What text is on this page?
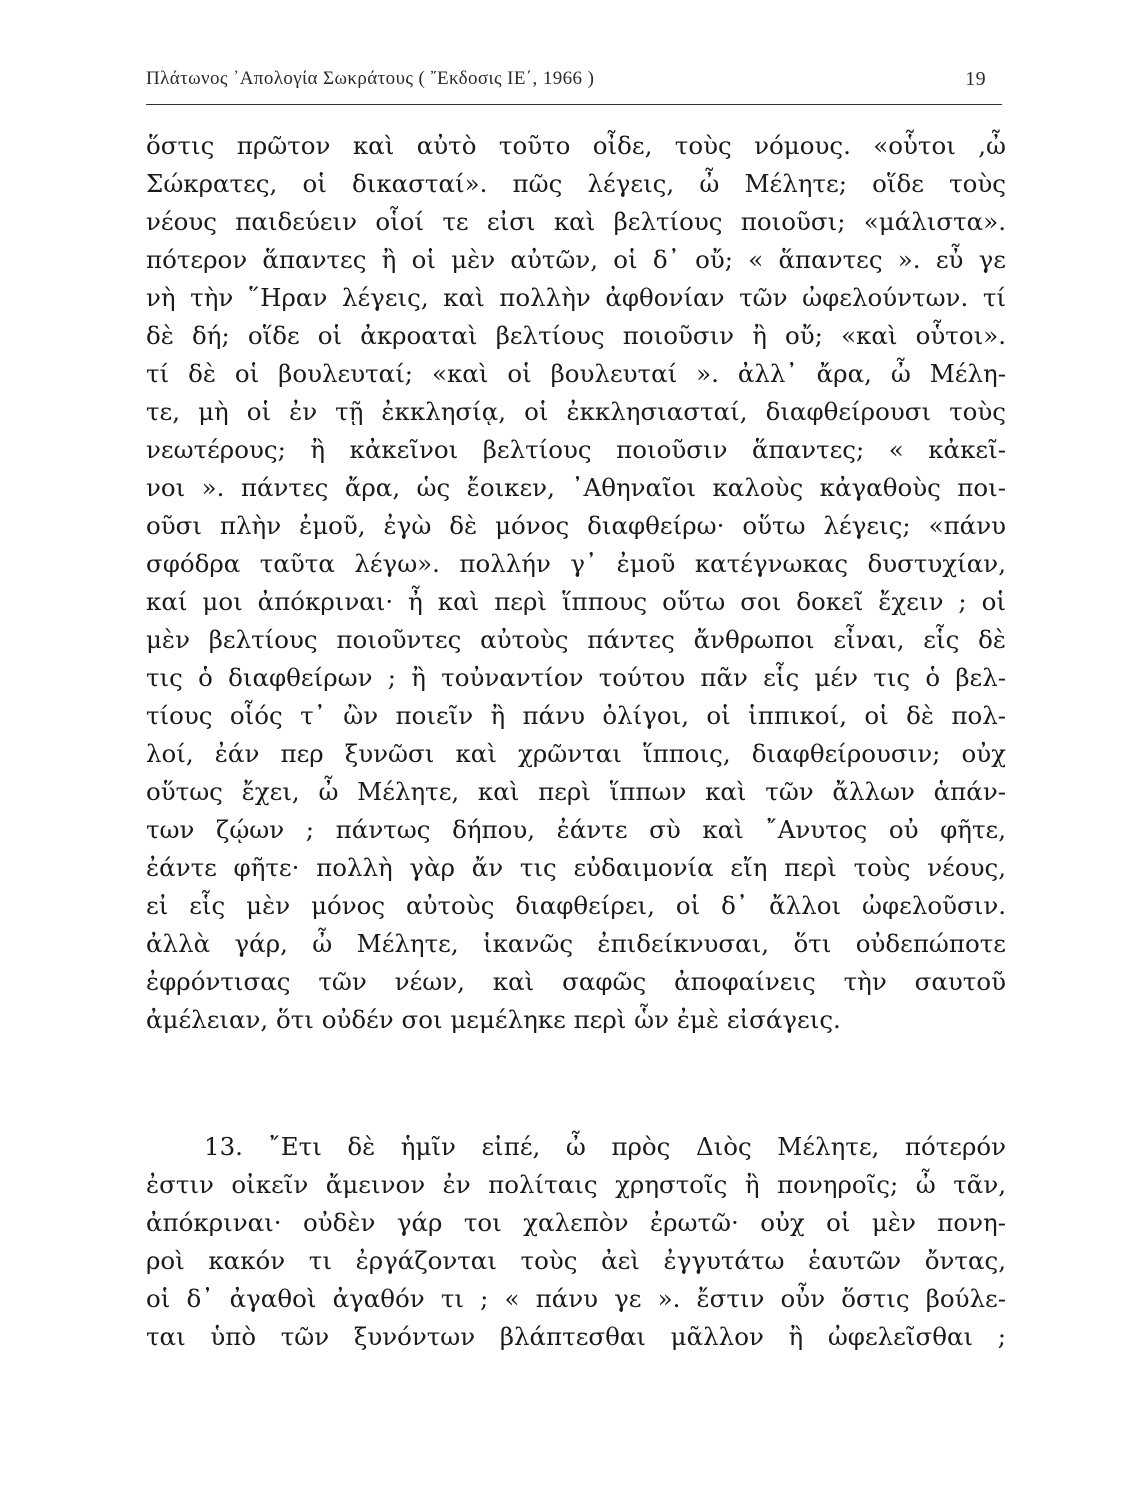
Πλάτωνος ᾿Απολογία Σωκράτους ( ῎Εκδοσις ΙΕ΄, 1966 )	19
ὅστις πρῶτον καὶ αὐτὸ τοῦτο οἶδε, τοὺς νόμους. «οὗτοι ,ὦ
Σώκρατες, οἱ δικασταί». πῶς λέγεις, ὦ Μέλητε; οἵδε τοὺς
νέους παιδεύειν οἷοί τε εἰσι καὶ βελτίους ποιοῦσι; «μάλιστα».
πότερον ἅπαντες ἢ οἱ μὲν αὐτῶν, οἱ δ᾿ οὔ; « ἅπαντες ». εὖ γε
νὴ τὴν ῞Ηραν λέγεις, καὶ πολλὴν ἀφθονίαν τῶν ὠφελούντων. τί
δὲ δή; οἵδε οἱ ἀκροαταὶ βελτίους ποιοῦσιν ἢ οὔ; «καὶ οὗτοι».
τί δὲ οἱ βουλευταί; «καὶ οἱ βουλευταί ». ἀλλ᾿ ἄρα, ὦ Μέλη-
τε, μὴ οἱ ἐν τῇ ἐκκλησίᾳ, οἱ ἐκκλησιασταί, διαφθείρουσι τοὺς
νεωτέρους; ἢ κἀκεῖνοι βελτίους ποιοῦσιν ἅπαντες; « κἀκεῖ-
νοι ». πάντες ἄρα, ὡς ἔοικεν, ᾿Αθηναῖοι καλοὺς κἀγαθοὺς ποι-
οῦσι πλὴν ἐμοῦ, ἐγὼ δὲ μόνος διαφθείρω· οὕτω λέγεις; «πάνυ
σφόδρα ταῦτα λέγω». πολλήν γ᾿ ἐμοῦ κατέγνωκας δυστυχίαν,
καί μοι ἀπόκριναι· ἦ καὶ περὶ ἵππους οὕτω σοι δοκεῖ ἔχειν ; οἱ
μὲν βελτίους ποιοῦντες αὐτοὺς πάντες ἄνθρωποι εἶναι, εἷς δὲ
τις ὁ διαφθείρων ; ἢ τοὐναντίον τούτου πᾶν εἷς μέν τις ὁ βελ-
τίους οἷός τ᾿ ὢν ποιεῖν ἢ πάνυ ὀλίγοι, οἱ ἱππικοί, οἱ δὲ πολ-
λοί, ἐάν περ ξυνῶσι καὶ χρῶνται ἵπποις, διαφθείρουσιν; οὐχ
οὕτως ἔχει, ὦ Μέλητε, καὶ περὶ ἵππων καὶ τῶν ἄλλων ἁπάν-
των ζῴων ; πάντως δήπου, ἐάντε σὺ καὶ ῎Ανυτος οὐ φῆτε,
ἐάντε φῆτε· πολλὴ γὰρ ἄν τις εὐδαιμονία εἴη περὶ τοὺς νέους,
εἰ εἷς μὲν μόνος αὐτοὺς διαφθείρει, οἱ δ᾿ ἄλλοι ὠφελοῦσιν.
ἀλλὰ γάρ, ὦ Μέλητε, ἱκανῶς ἐπιδείκνυσαι, ὅτι οὐδεπώποτε
ἐφρόντισας τῶν νέων, καὶ σαφῶς ἀποφαίνεις τὴν σαυτοῦ
ἀμέλειαν, ὅτι οὐδέν σοι μεμέληκε περὶ ὧν ἐμὲ εἰσάγεις.
13. ῎Ετι δὲ ἡμῖν εἰπέ, ὦ πρὸς Διὸς Μέλητε, πότερόν
ἐστιν οἰκεῖν ἄμεινον ἐν πολίταις χρηστοῖς ἢ πονηροῖς; ὦ τᾶν,
ἀπόκριναι· οὐδὲν γάρ τοι χαλεπὸν ἐρωτῶ· οὐχ οἱ μὲν πονη-
ροὶ κακόν τι ἐργάζονται τοὺς ἀεὶ ἐγγυτάτω ἑαυτῶν ὄντας,
οἱ δ᾿ ἀγαθοὶ ἀγαθόν τι ; « πάνυ γε ». ἔστιν οὖν ὅστις βούλε-
ται ὑπὸ τῶν ξυνόντων βλάπτεσθαι μᾶλλον ἢ ὠφελεῖσθαι ;
